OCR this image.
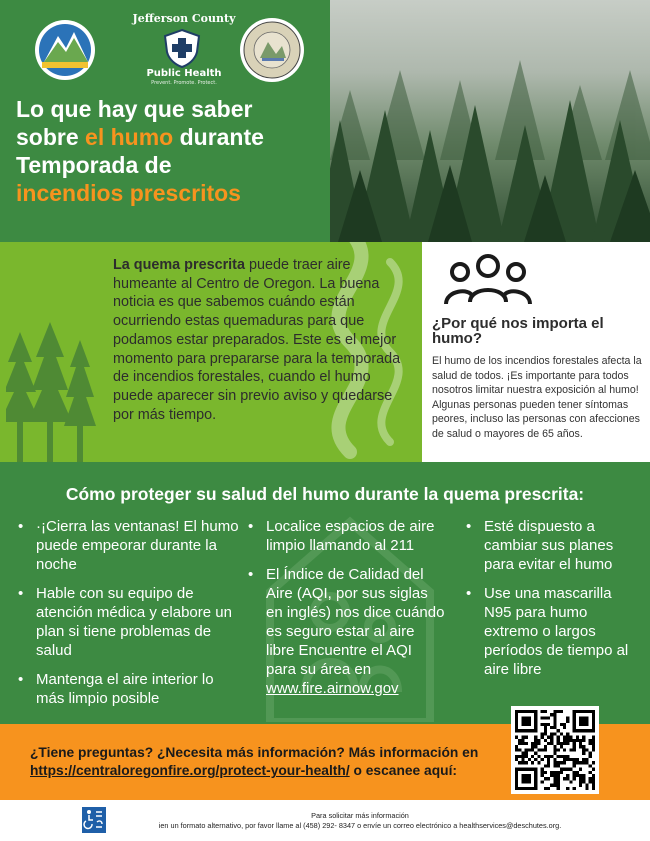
Jefferson County
Public Health
Prevent. Promote. Protect.
Lo que hay que saber
sobre el humo durante
Temporada de
incendios prescritos
La quema prescrita puede traer aire humeante al Centro de Oregon. La buena noticia es que sabemos cuándo están ocurriendo estas quemaduras para que podamos estar preparados. Este es el mejor momento para prepararse para la temporada de incendios forestales, cuando el humo puede aparecer sin previo aviso y quedarse por más tiempo.
¿Por qué nos importa el humo?
El humo de los incendios forestales afecta la salud de todos. ¡Es importante para todos nosotros limitar nuestra exposición al humo! Algunas personas pueden tener síntomas peores, incluso las personas con afecciones de salud o mayores de 65 años.
Cómo proteger su salud del humo durante la quema prescrita:
• ·¡Cierra las ventanas! El humo puede empeorar durante la noche
• Hable con su equipo de atención médica y elabore un plan si tiene problemas de salud
• Mantenga el aire interior lo más limpio posible
• Localice espacios de aire limpio llamando al 211
• El Índice de Calidad del Aire (AQI, por sus siglas en inglés) nos dice cuándo es seguro estar al aire libre Encuentre el AQI para su área en www.fire.airnow.gov
• Esté dispuesto a cambiar sus planes para evitar el humo
• Use una mascarilla N95 para humo extremo o largos períodos de tiempo al aire libre
¿Tiene preguntas? ¿Necesita más información? Más información en
https://centraloregonfire.org/protect-your-health/ o escanee aquí:
Para solicitar más información
ien un formato alternativo, por favor llame al (458) 292- 8347 o envíe un correo electrónico a healthservices@deschutes.org.
